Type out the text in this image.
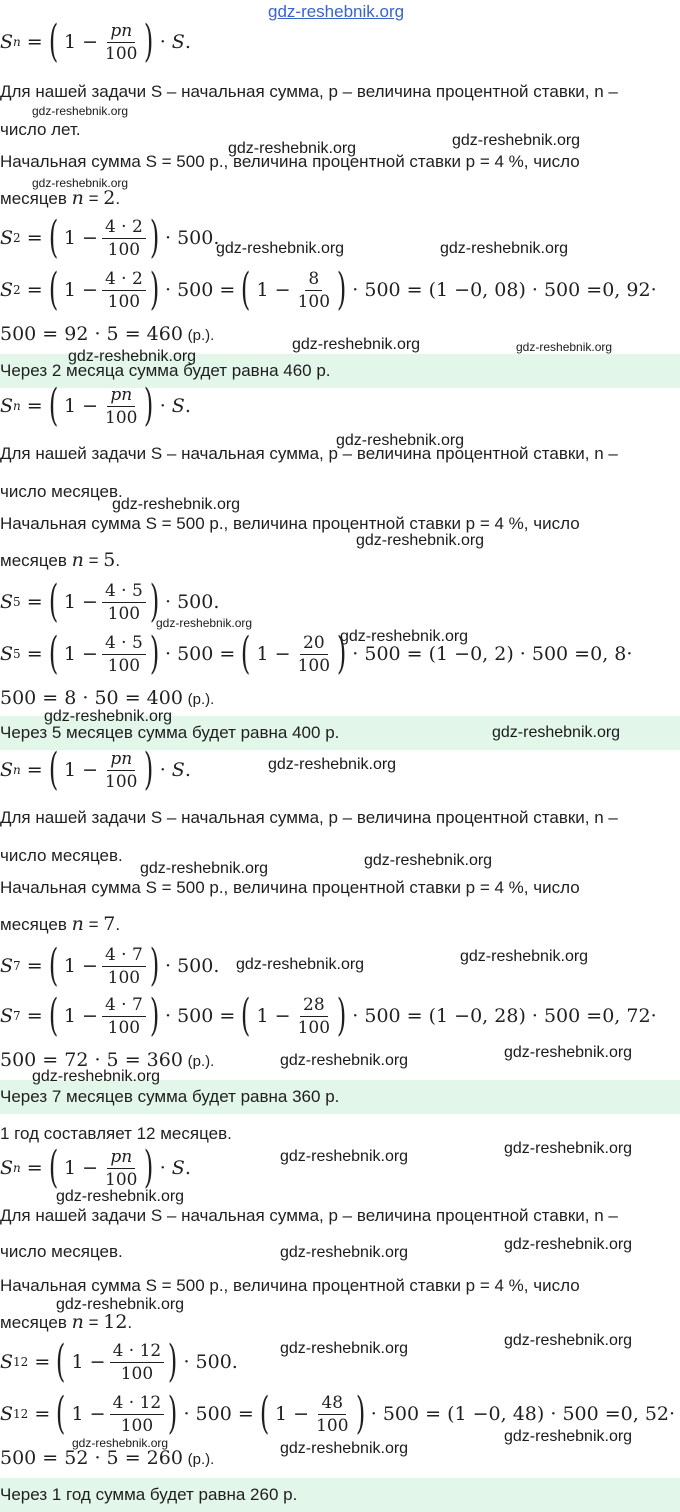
gdz-reshebnik.org
S n = ( $1 - \frac{pn}{100}$ ) · S .
Для нашей задачи S – начальная сумма, p – величина процентной ставки, n –
число лет.
Начальная сумма S = 500 р., величина процентной ставки p = 4 %, число
месяцев n = 2.
S 2 = ( $1 - \frac{4 \cdot 2}{100}$ ) · 500.
S 2 = ( $1 - \frac{4 \cdot 2}{100}$ ) · 500 = ( $1 - \frac{8}{100}$ ) · 500 = (1 − 0, 08 ) · 500 = 0, 92 ·
500 = 92 · 5 = 460 (р.).
Через 2 месяца сумма будет равна 460 р.
S n = ( $1 - \frac{pn}{100}$ ) · S .
Для нашей задачи S – начальная сумма, p – величина процентной ставки, n –
число месяцев.
Начальная сумма S = 500 р., величина процентной ставки p = 4 %, число
месяцев n = 5.
S 5 = ( $1 - \frac{4 \cdot 5}{100}$ ) · 500.
S 5 = ( $1 - \frac{4 \cdot 5}{100}$ ) · 500 = ( $1 - \frac{20}{100}$ ) · 500 = (1 − 0, 2 ) · 500 = 0, 8 ·
500 = 8 · 50 = 400 (р.).
Через 5 месяцев сумма будет равна 400 р.
S n = ( $1 - \frac{pn}{100}$ ) · S .
Для нашей задачи S – начальная сумма, p – величина процентной ставки, n –
число месяцев.
Начальная сумма S = 500 р., величина процентной ставки p = 4 %, число
месяцев n = 7.
S 7 = ( $1 - \frac{4 \cdot 7}{100}$ ) · 500.
S 7 = ( $1 - \frac{4 \cdot 7}{100}$ ) · 500 = ( $1 - \frac{28}{100}$ ) · 500 = (1 − 0, 28 ) · 500 = 0, 72 ·
500 = 72 · 5 = 360 (р.).
Через 7 месяцев сумма будет равна 360 р.
1 год составляет 12 месяцев.
S n = ( $1 - \frac{pn}{100}$ ) · S .
Для нашей задачи S – начальная сумма, p – величина процентной ставки, n –
число месяцев.
Начальная сумма S = 500 р., величина процентной ставки p = 4 %, число
месяцев n = 12.
S 12 = ( $1 - \frac{4 \cdot 12}{100}$ ) · 500.
S 12 = ( $1 - \frac{4 \cdot 12}{100}$ ) · 500 = ( $1 - \frac{48}{100}$ ) · 500 = (1 − 0, 48 ) · 500 = 0, 52 ·
500 = 52 · 5 = 260 (р.).
Через 1 год сумма будет равна 260 р.
gdz-reshebnik.org
gdz-reshebnik.org	gdz-reshebnik.org
gdz-reshebnik.org
gdz-reshebnik.org	gdz-reshebnik.org
gdz-reshebnik.org	gdz-reshebnik.org
gdz-reshebnik.org
gdz-reshebnik.org
gdz-reshebnik.org
gdz-reshebnik.org
gdz-reshebnik.org
gdz-reshebnik.org
gdz-reshebnik.org
gdz-reshebnik.org
gdz-reshebnik.org
gdz-reshebnik.org
gdz-reshebnik.org
gdz-reshebnik.org
gdz-reshebnik.org
gdz-reshebnik.org
gdz-reshebnik.org
gdz-reshebnik.org
gdz-reshebnik.org
gdz-reshebnik.org
gdz-reshebnik.org
gdz-reshebnik.org
gdz-reshebnik.org
gdz-reshebnik.org
gdz-reshebnik.org
gdz-reshebnik.org
gdz-reshebnik.org
gdz-reshebnik.org	gdz-reshebnik.org
